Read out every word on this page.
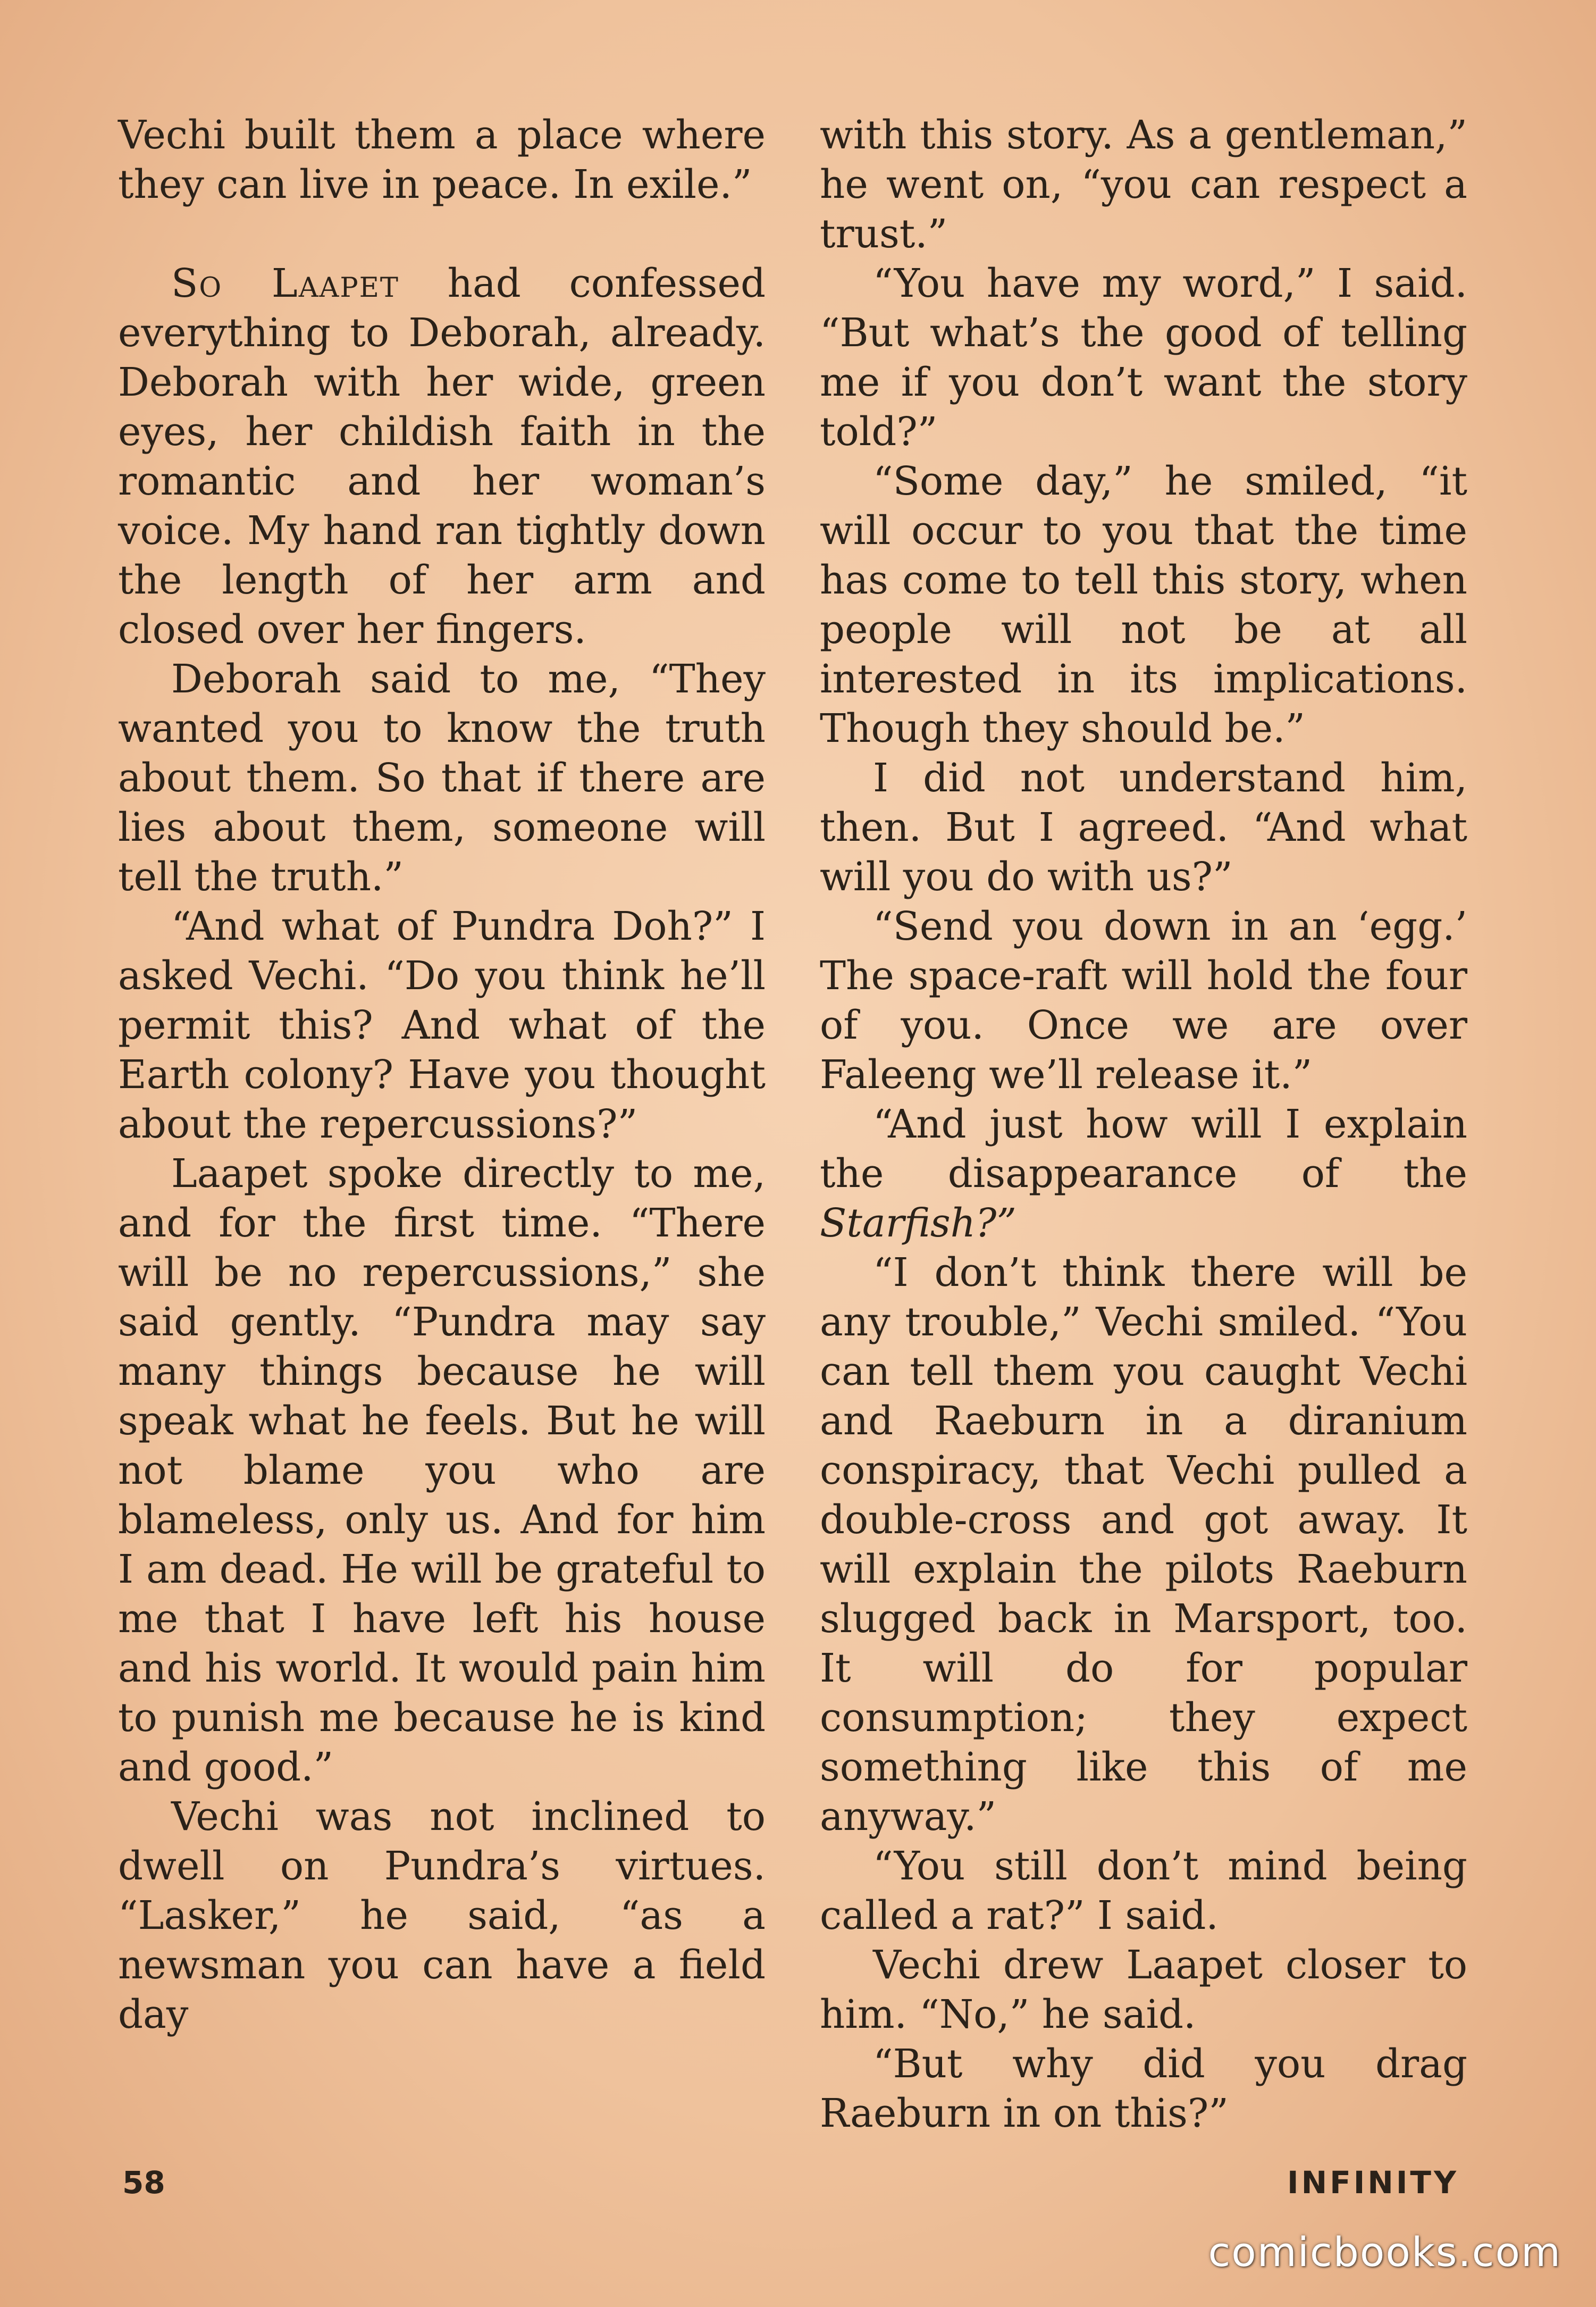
Vechi built them a place where they can live in peace. In exile.”

So Laapet had confessed everything to Deborah, already. Deborah with her wide, green eyes, her childish faith in the romantic and her woman’s voice. My hand ran tightly down the length of her arm and closed over her fingers.

Deborah said to me, “They wanted you to know the truth about them. So that if there are lies about them, someone will tell the truth.”

“And what of Pundra Doh?” I asked Vechi. “Do you think he’ll permit this? And what of the Earth colony? Have you thought about the repercussions?”

Laapet spoke directly to me, and for the first time. “There will be no repercussions,” she said gently. “Pundra may say many things because he will speak what he feels. But he will not blame you who are blameless, only us. And for him I am dead. He will be grateful to me that I have left his house and his world. It would pain him to punish me because he is kind and good.”

Vechi was not inclined to dwell on Pundra’s virtues. “Lasker,” he said, “as a newsman you can have a field day

with this story. As a gentleman,” he went on, “you can respect a trust.”

“You have my word,” I said. “But what’s the good of telling me if you don’t want the story told?”

“Some day,” he smiled, “it will occur to you that the time has come to tell this story, when people will not be at all interested in its implications. Though they should be.”

I did not understand him, then. But I agreed. “And what will you do with us?”

“Send you down in an ‘egg.’ The space-raft will hold the four of you. Once we are over Faleeng we’ll release it.”

“And just how will I explain the disappearance of the Starfish?”

“I don’t think there will be any trouble,” Vechi smiled. “You can tell them you caught Vechi and Raeburn in a diranium conspiracy, that Vechi pulled a double-cross and got away. It will explain the pilots Raeburn slugged back in Marsport, too. It will do for popular consumption; they expect something like this of me anyway.”

“You still don’t mind being called a rat?” I said.

Vechi drew Laapet closer to him. “No,” he said.

“But why did you drag Raeburn in on this?”

58	INFINITY
comicbooks.com
